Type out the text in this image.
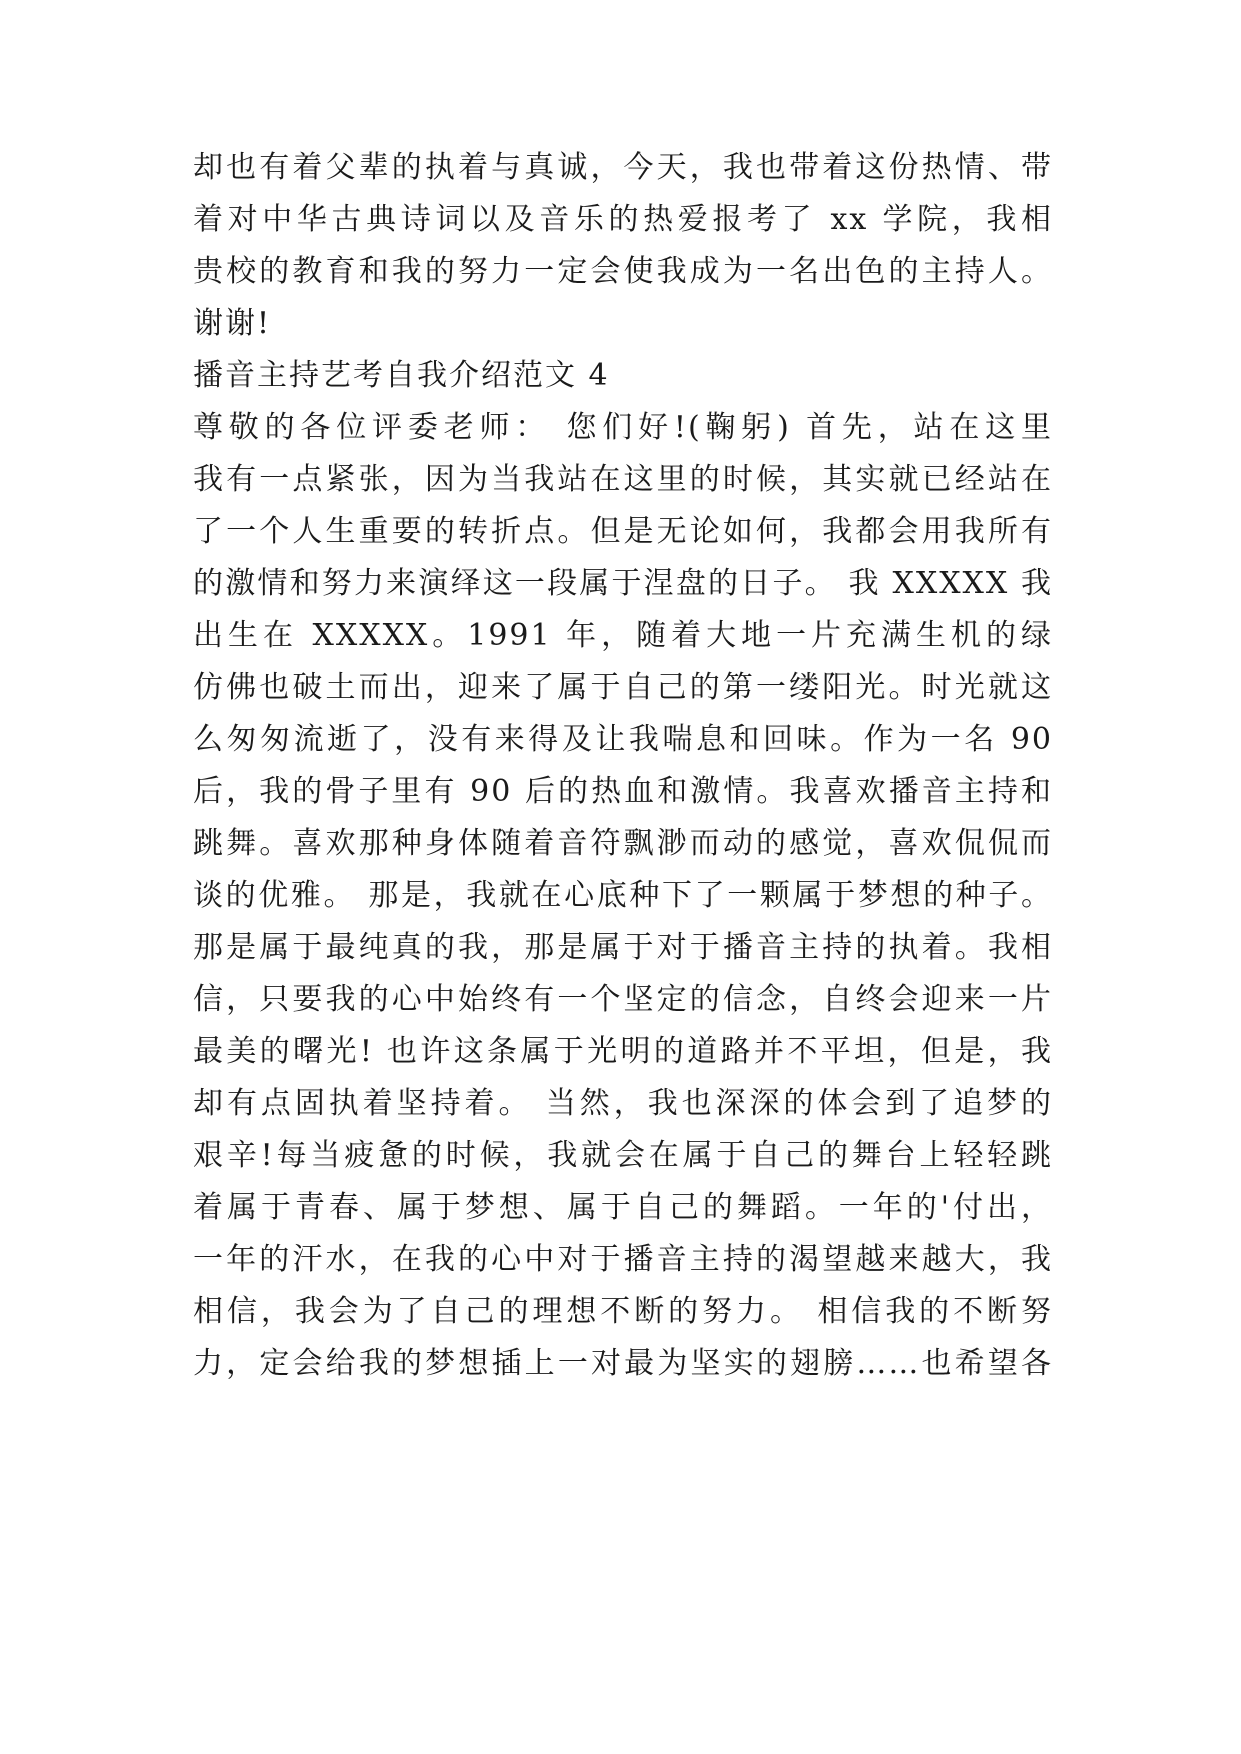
却也有着父辈的执着与真诚，今天，我也带着这份热情、带
着对中华古典诗词以及音乐的热爱报考了 xx 学院，我相
贵校的教育和我的努力一定会使我成为一名出色的主持人。
谢谢!
播音主持艺考自我介绍范文 4
尊敬的各位评委老师： 您们好!(鞠躬) 首先，站在这里
我有一点紧张，因为当我站在这里的时候，其实就已经站在
了一个人生重要的转折点。但是无论如何，我都会用我所有
的激情和努力来演绎这一段属于涅盘的日子。 我 XXXXX 我
出生在 XXXXX。1991 年，随着大地一片充满生机的绿
仿佛也破土而出，迎来了属于自己的第一缕阳光。时光就这
么匆匆流逝了，没有来得及让我喘息和回味。作为一名 90
后，我的骨子里有 90 后的热血和激情。我喜欢播音主持和
跳舞。喜欢那种身体随着音符飘渺而动的感觉，喜欢侃侃而
谈的优雅。 那是，我就在心底种下了一颗属于梦想的种子。
那是属于最纯真的我，那是属于对于播音主持的执着。我相
信，只要我的心中始终有一个坚定的信念，自终会迎来一片
最美的曙光! 也许这条属于光明的道路并不平坦，但是，我
却有点固执着坚持着。 当然，我也深深的体会到了追梦的
艰辛!每当疲惫的时候，我就会在属于自己的舞台上轻轻跳
着属于青春、属于梦想、属于自己的舞蹈。一年的'付出，
一年的汗水，在我的心中对于播音主持的渴望越来越大，我
相信，我会为了自己的理想不断的努力。 相信我的不断努
力，定会给我的梦想插上一对最为坚实的翅膀……也希望各
